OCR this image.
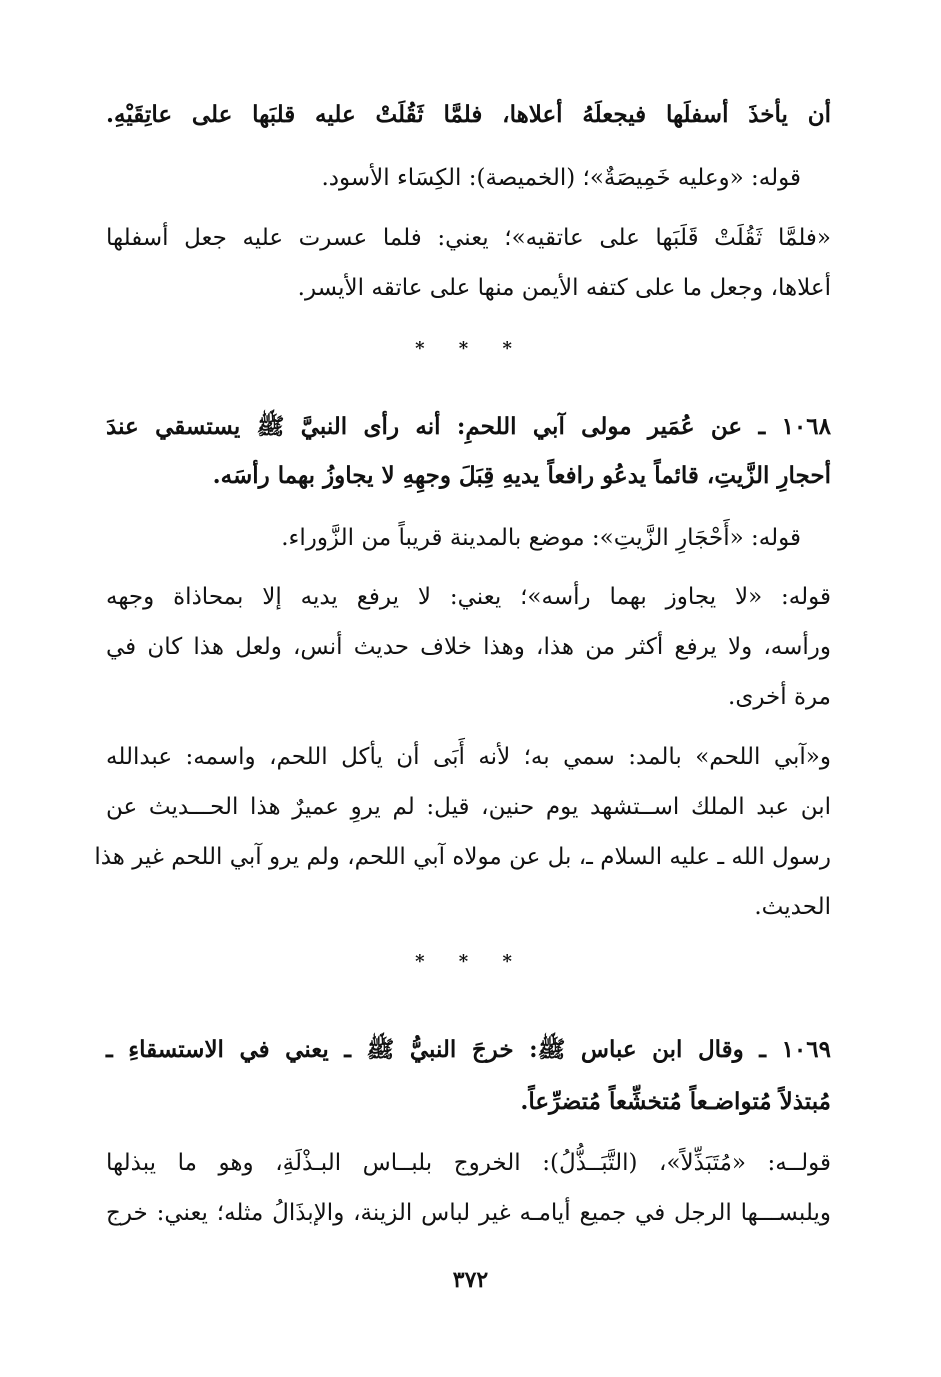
أن يأخذَ أسفلَها فيجعلَهُ أعلاها، فلمَّا ثَقُلَتْ عليه قلبَها على عاتِقَيْهِ.
قوله: «وعليه خَمِيصَةٌ»؛ (الخميصة): الكِسَاء الأسود.
«فلمَّا ثَقُلَتْ قَلَبَها على عاتقيه»؛ يعني: فلما عسرت عليه جعل أسفلها
أعلاها، وجعل ما على كتفه الأيمن منها على عاتقه الأيسر.
* * *
١٠٦٨ ـ عن عُمَير مولى آبي اللحمِ: أنه رأى النبيَّ ﷺ يستسقي عندَ
أحجارِ الزَّيتِ، قائماً يدعُو رافعاً يديهِ قِبَلَ وجهِهِ لا يجاوزُ بهما رأسَه.
قوله: «أَحْجَارِ الزَّيتِ»: موضع بالمدينة قريباً من الزَّوراء.
قوله: «لا يجاوز بهما رأسه»؛ يعني: لا يرفع يديه إلا بمحاذاة وجهه
ورأسه، ولا يرفع أكثر من هذا، وهذا خلاف حديث أنس، ولعل هذا كان في
مرة أخرى.
و«آبي اللحم» بالمد: سمي به؛ لأنه أَبَى أن يأكل اللحم، واسمه: عبدالله
ابن عبد الملك اســتشهد يوم حنين، قيل: لم يروِ عميرٌ هذا الحـــديث عن
رسول الله ـ عليه السلام ـ، بل عن مولاه آبي اللحم، ولم يرو آبي اللحم غير هذا
الحديث.
* * *
١٠٦٩ ـ وقال ابن عباس ﷺ: خرجَ النبيُّ ﷺ ـ يعني في الاستسقاءِ ـ
مُبتذلاً مُتواضـعاً مُتخشِّعاً مُتضرِّعاً.
قولــه: «مُتَبَذِّلاً»، (التَّبَــذُّلُ): الخروج بلبــاس البـذْلَةِ، وهو ما يبذلها
ويلبســـها الرجل في جميع أيامـه غير لباس الزينة، والإبذَالُ مثله؛ يعني: خرج
٣٧٢
